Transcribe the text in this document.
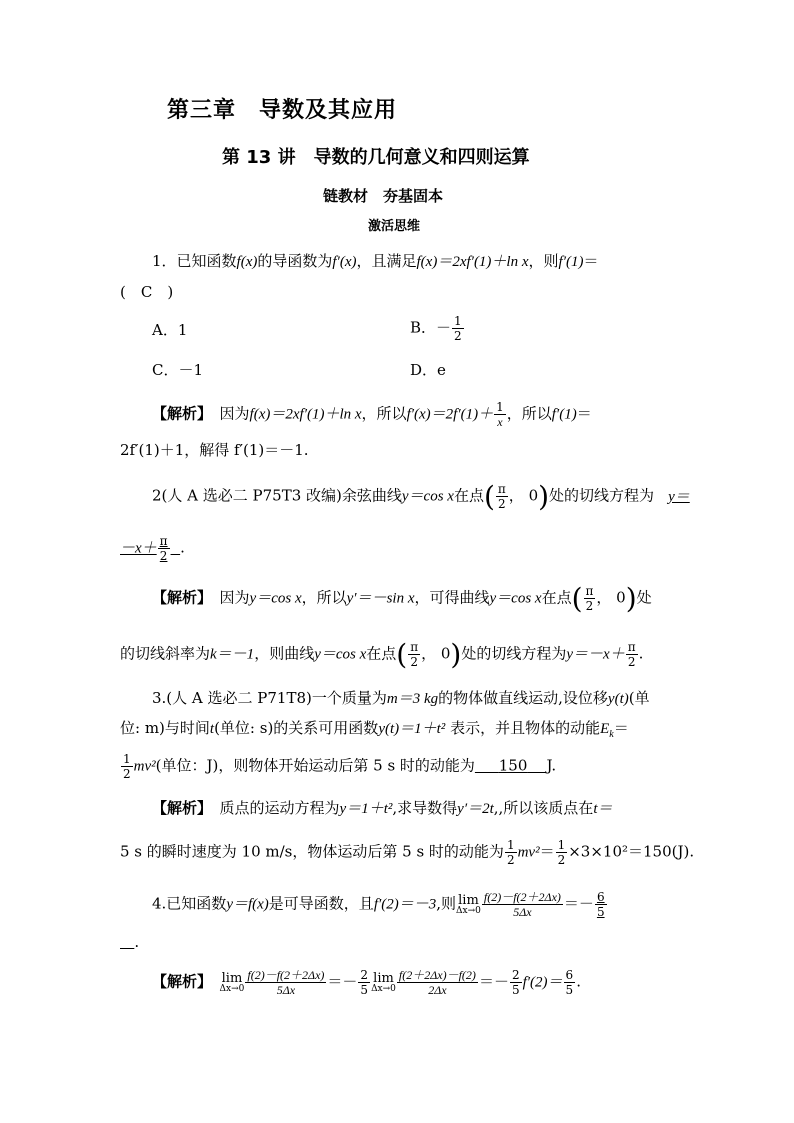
第三章　导数及其应用
第 13 讲　导数的几何意义和四则运算
链教材　夯基固本
激活思维
1．已知函数f(x)的导函数为f′(x)，且满足f(x)＝2xf′(1)＋ln x，则f′(1)＝
(　C　)
A．1	B．－ $\frac{1}{2}$
C．－1	D．e
【解析】　 因为f(x)＝2xf′(1)＋ln x，所以$f'(x)=2f'(1)+ \frac{1}{x}$ ，所以f′(1)＝
2f′(1)＋1，解得 f′(1)＝－1.
2(人 A 选必二 P75T3 改编)余弦曲线y＝cos x在点( $\frac{\pi}{2}$ ， 0)处的切线方程为 y＝
$-x+ \frac{\pi}{2}$ .
【解析】　 因为y＝cos x，所以y′＝－sin x，可得曲线y＝cos x在点( $\frac{\pi}{2}$ ， 0)处
的切线斜率为k＝－1，则曲线y＝cos x在点( $\frac{\pi}{2}$ ， 0)处的切线方程为$y=-x+ \frac{\pi}{2}$ .
3.(人 A 选必二 P71T8)一个质量为m＝3 kg的物体做直线运动,设位移y(t)(单
位: m)与时间t(单位: s)的关系可用函数y(t)＝1＋t² 表示，并且物体的动能$E_k=$
$\frac{1}{2} mv^2$(单位：J)，则物体开始运动后第 5 s 时的动能为 150 J.
【解析】　 质点的运动方程为y＝1＋t²,求导数得y′＝2t,,所以该质点在t＝
5 s 的瞬时速度为 10 m/s，物体运动后第 5 s 时的动能为 $\frac{1}{2} mv^2= \frac{1}{2} \times 3\times 10^2=150(J)$.
4.已知函数y＝f(x)是可导函数，且f′(2)＝－3,则 lim
$\Delta x\to 0 \frac{f(2)-f(2+2\Delta x)}{5\Delta x} =- \frac{6}{5}$
.
【解析】　 lim
$\Delta x\to 0 \frac{f(2)-f(2+2\Delta x)}{5\Delta x} =- \frac{2}{5}$ lim
$\Delta x\to 0 \frac{f(2+2\Delta x)-f(2)}{2\Delta x} =- \frac{2}{5} f'(2)= \frac{6}{5}$ .
